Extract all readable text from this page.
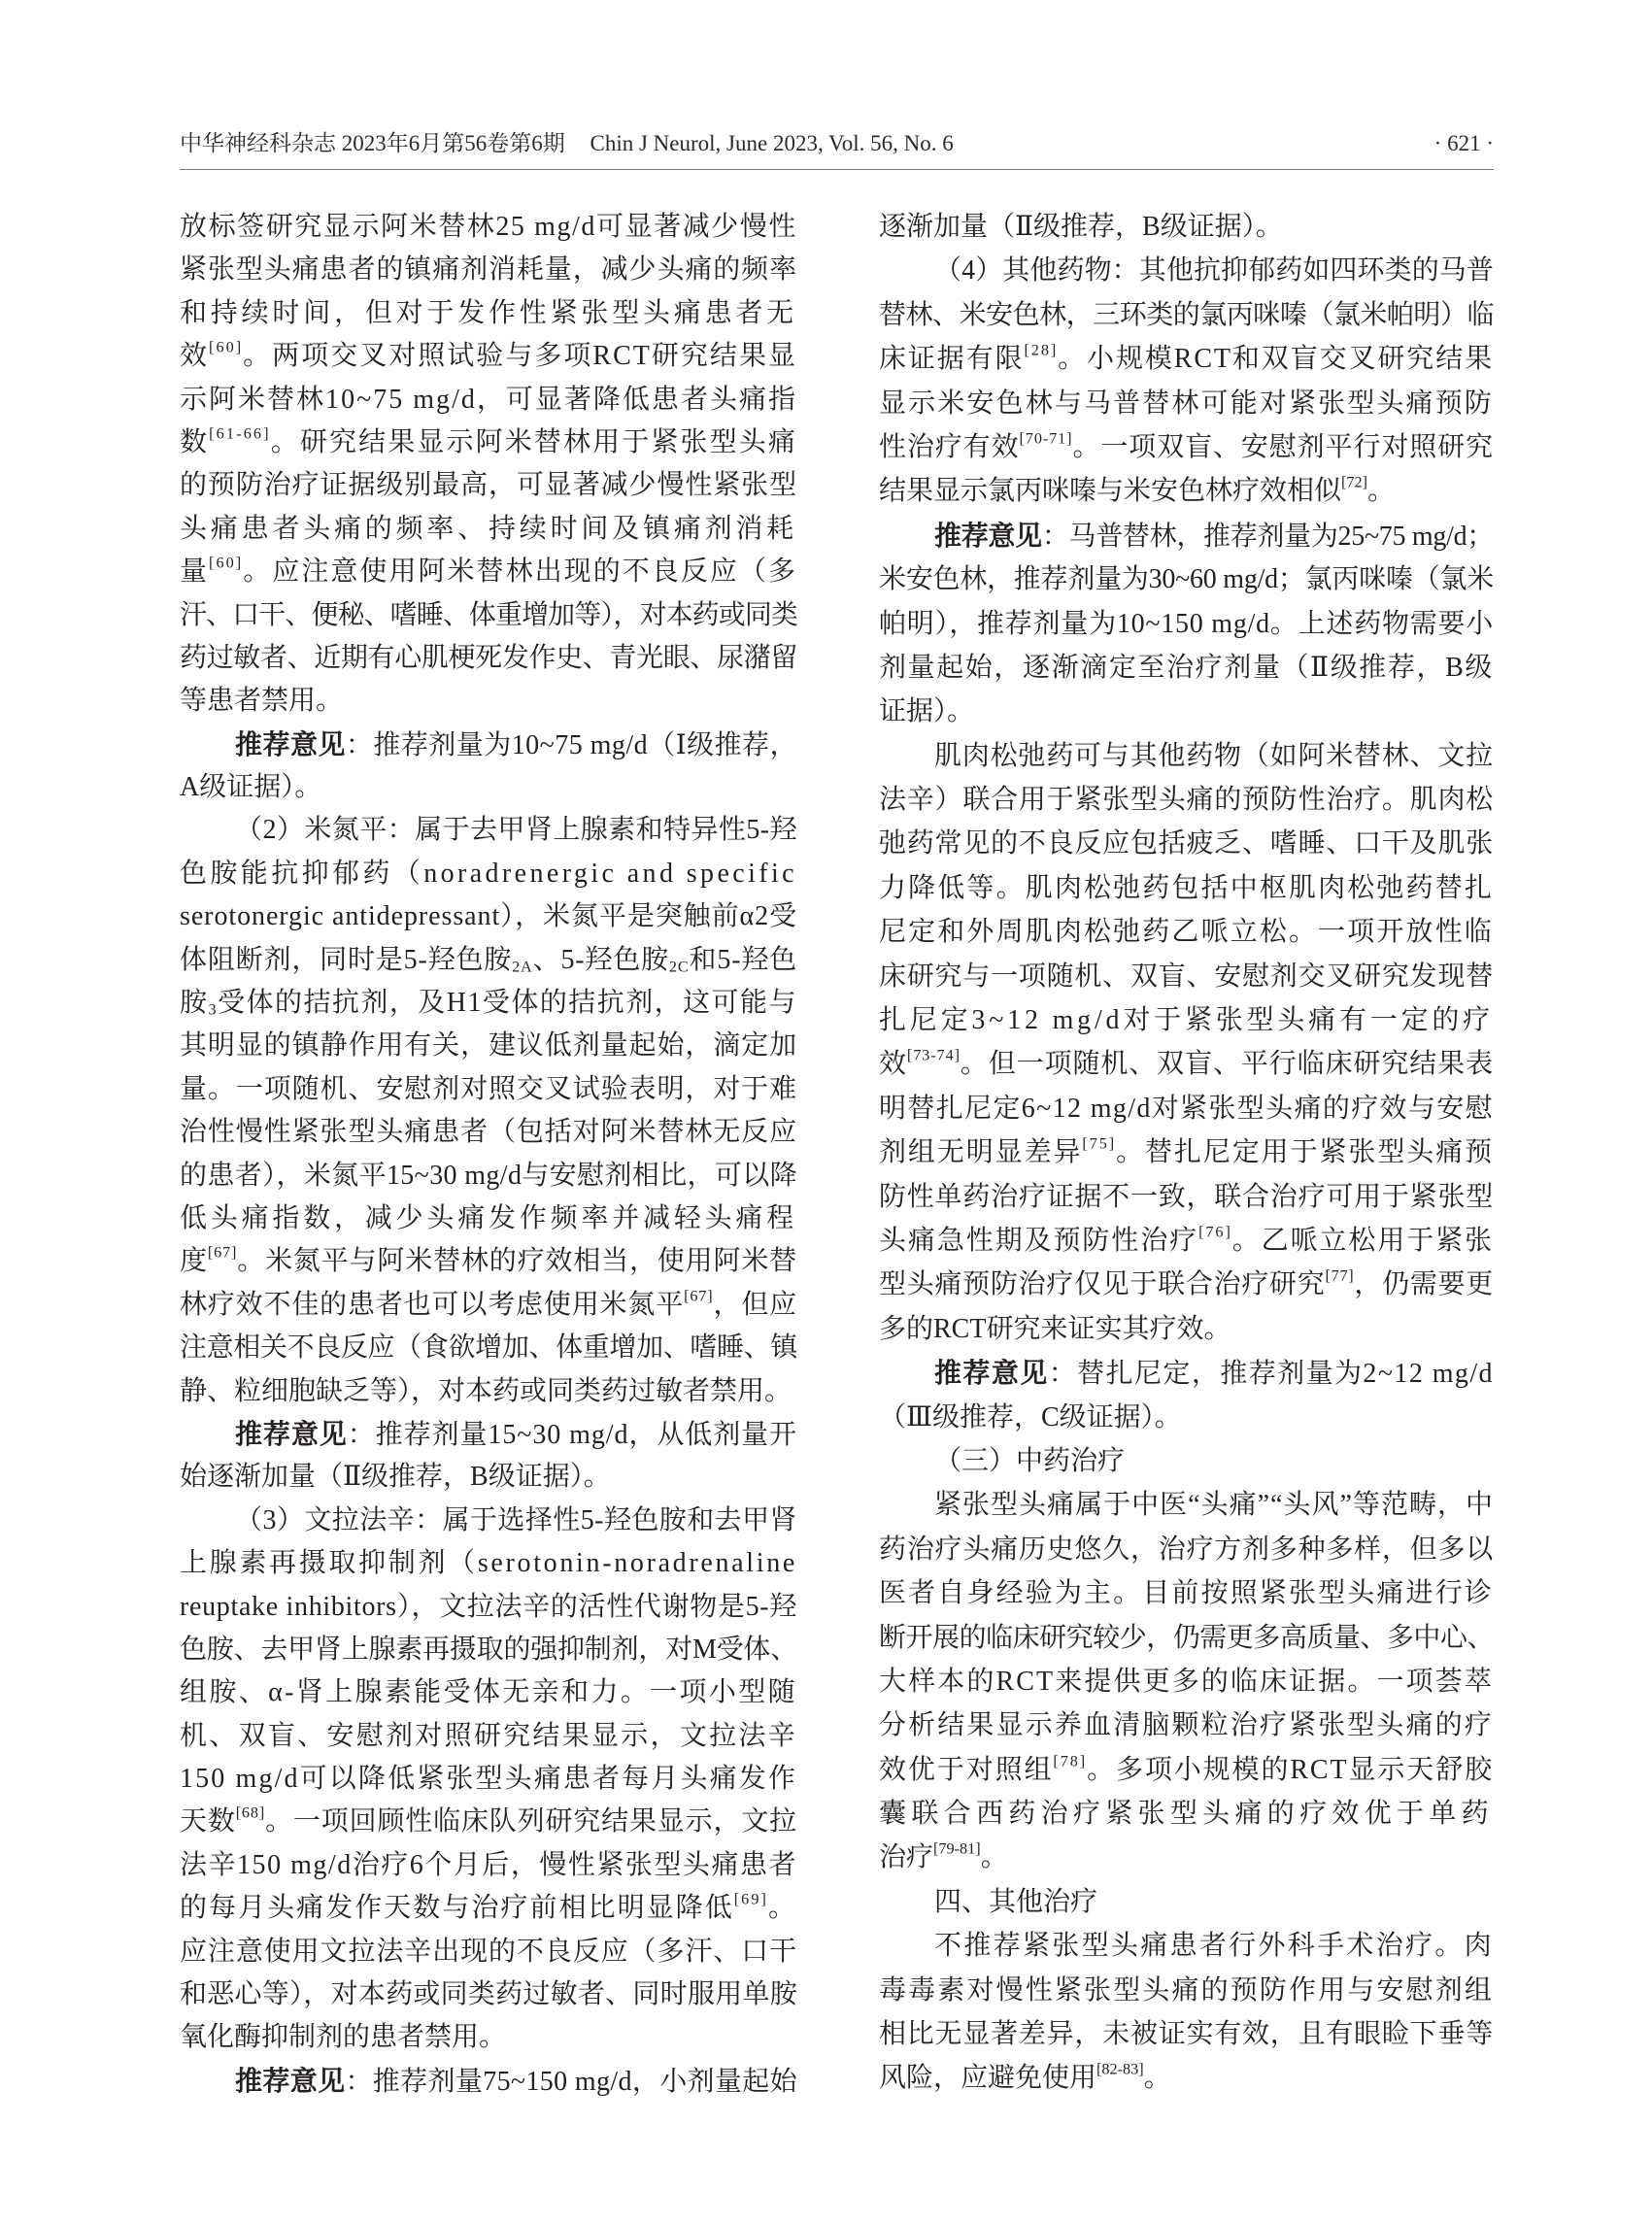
中华神经科杂志 2023年6月第56卷第6期 Chin J Neurol, June 2023, Vol. 56, No. 6	· 621 ·
放标签研究显示阿米替林25 mg/d可显著减少慢性
紧张型头痛患者的镇痛剂消耗量，减少头痛的频率
和持续时间，但对于发作性紧张型头痛患者无
效[60]。两项交叉对照试验与多项RCT研究结果显
示阿米替林10~75 mg/d，可显著降低患者头痛指
数[61-66]。研究结果显示阿米替林用于紧张型头痛
的预防治疗证据级别最高，可显著减少慢性紧张型
头痛患者头痛的频率、持续时间及镇痛剂消耗
量[60]。应注意使用阿米替林出现的不良反应（多
汗、口干、便秘、嗜睡、体重增加等），对本药或同类
药过敏者、近期有心肌梗死发作史、青光眼、尿潴留
等患者禁用。
推荐意见：推荐剂量为10~75 mg/d（Ⅰ级推荐，
A级证据）。
（2）米氮平：属于去甲肾上腺素和特异性5-羟
色胺能抗抑郁药（noradrenergic and specific
serotonergic antidepressant），米氮平是突触前α2受
体阻断剂，同时是5-羟色胺$_{2A}$、5-羟色胺$_{2C}$和5-羟色
胺$_3$受体的拮抗剂，及H1受体的拮抗剂，这可能与
其明显的镇静作用有关，建议低剂量起始，滴定加
量。一项随机、安慰剂对照交叉试验表明，对于难
治性慢性紧张型头痛患者（包括对阿米替林无反应
的患者），米氮平15~30 mg/d与安慰剂相比，可以降
低头痛指数，减少头痛发作频率并减轻头痛程
度[67]。米氮平与阿米替林的疗效相当，使用阿米替
林疗效不佳的患者也可以考虑使用米氮平[67]，但应
注意相关不良反应（食欲增加、体重增加、嗜睡、镇
静、粒细胞缺乏等），对本药或同类药过敏者禁用。
推荐意见：推荐剂量15~30 mg/d，从低剂量开
始逐渐加量（Ⅱ级推荐，B级证据）。
（3）文拉法辛：属于选择性5-羟色胺和去甲肾
上腺素再摄取抑制剂（serotonin-noradrenaline
reuptake inhibitors），文拉法辛的活性代谢物是5-羟
色胺、去甲肾上腺素再摄取的强抑制剂，对M受体、
组胺、α-肾上腺素能受体无亲和力。一项小型随
机、双盲、安慰剂对照研究结果显示，文拉法辛
150 mg/d可以降低紧张型头痛患者每月头痛发作
天数[68]。一项回顾性临床队列研究结果显示，文拉
法辛150 mg/d治疗6个月后，慢性紧张型头痛患者
的每月头痛发作天数与治疗前相比明显降低[69]。
应注意使用文拉法辛出现的不良反应（多汗、口干
和恶心等），对本药或同类药过敏者、同时服用单胺
氧化酶抑制剂的患者禁用。
推荐意见：推荐剂量75~150 mg/d，小剂量起始
逐渐加量（Ⅱ级推荐，B级证据）。
（4）其他药物：其他抗抑郁药如四环类的马普
替林、米安色林，三环类的氯丙咪嗪（氯米帕明）临
床证据有限[28]。小规模RCT和双盲交叉研究结果
显示米安色林与马普替林可能对紧张型头痛预防
性治疗有效[70-71]。一项双盲、安慰剂平行对照研究
结果显示氯丙咪嗪与米安色林疗效相似[72]。
推荐意见：马普替林，推荐剂量为25~75 mg/d；
米安色林，推荐剂量为30~60 mg/d；氯丙咪嗪（氯米
帕明），推荐剂量为10~150 mg/d。上述药物需要小
剂量起始，逐渐滴定至治疗剂量（Ⅱ级推荐，B级
证据）。
肌肉松弛药可与其他药物（如阿米替林、文拉
法辛）联合用于紧张型头痛的预防性治疗。肌肉松
弛药常见的不良反应包括疲乏、嗜睡、口干及肌张
力降低等。肌肉松弛药包括中枢肌肉松弛药替扎
尼定和外周肌肉松弛药乙哌立松。一项开放性临
床研究与一项随机、双盲、安慰剂交叉研究发现替
扎尼定3~12 mg/d对于紧张型头痛有一定的疗
效[73-74]。但一项随机、双盲、平行临床研究结果表
明替扎尼定6~12 mg/d对紧张型头痛的疗效与安慰
剂组无明显差异[75]。替扎尼定用于紧张型头痛预
防性单药治疗证据不一致，联合治疗可用于紧张型
头痛急性期及预防性治疗[76]。乙哌立松用于紧张
型头痛预防治疗仅见于联合治疗研究[77]，仍需要更
多的RCT研究来证实其疗效。
推荐意见：替扎尼定，推荐剂量为2~12 mg/d
（Ⅲ级推荐，C级证据）。
（三）中药治疗
紧张型头痛属于中医“头痛”“头风”等范畴，中
药治疗头痛历史悠久，治疗方剂多种多样，但多以
医者自身经验为主。目前按照紧张型头痛进行诊
断开展的临床研究较少，仍需更多高质量、多中心、
大样本的RCT来提供更多的临床证据。一项荟萃
分析结果显示养血清脑颗粒治疗紧张型头痛的疗
效优于对照组[78]。多项小规模的RCT显示天舒胶
囊联合西药治疗紧张型头痛的疗效优于单药
治疗[79-81]。
四、其他治疗
不推荐紧张型头痛患者行外科手术治疗。肉
毒毒素对慢性紧张型头痛的预防作用与安慰剂组
相比无显著差异，未被证实有效，且有眼睑下垂等
风险，应避免使用[82-83]。
